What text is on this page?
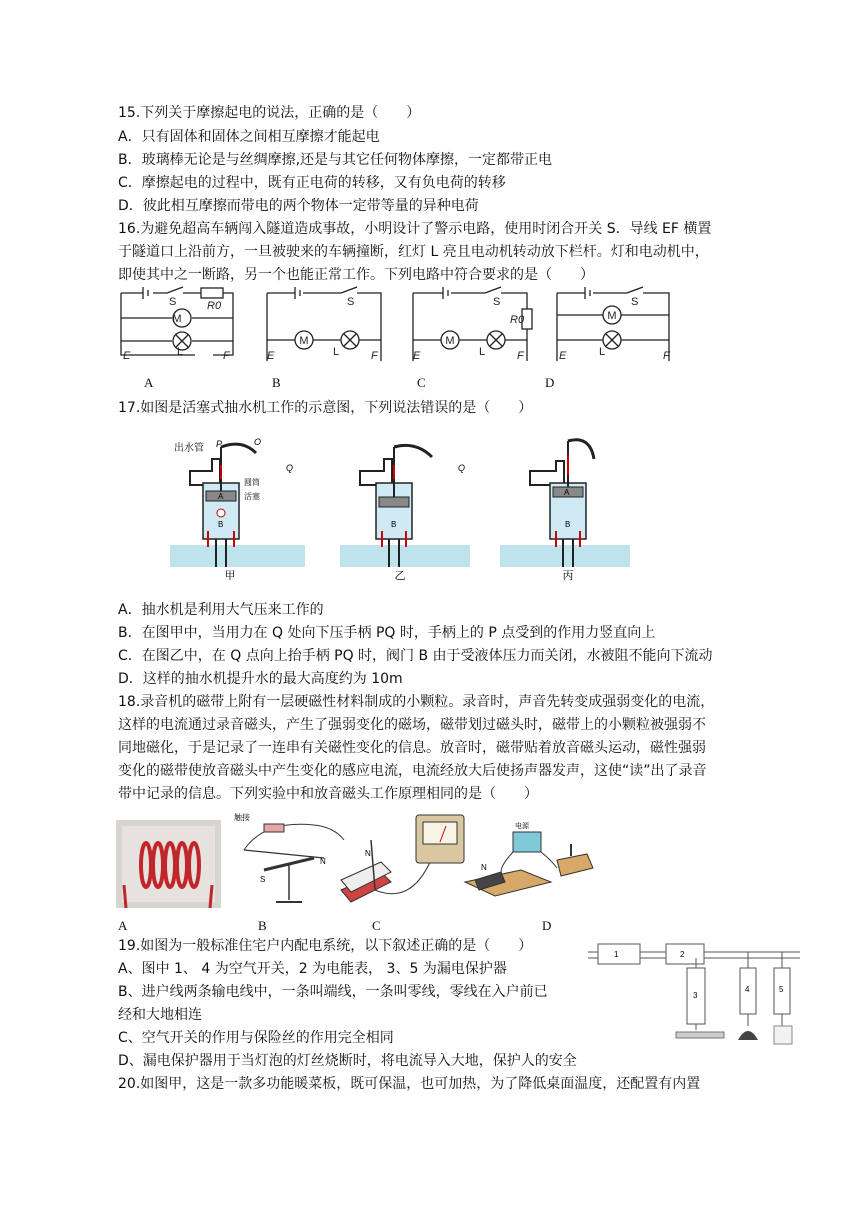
15.下列关于摩擦起电的说法，正确的是（　　）
A．只有固体和固体之间相互摩擦才能起电
B．玻璃棒无论是与丝绸摩擦,还是与其它任何物体摩擦，一定都带正电
C．摩擦起电的过程中，既有正电荷的转移，又有负电荷的转移
D．彼此相互摩擦而带电的两个物体一定带等量的异种电荷
16.为避免超高车辆闯入隧道造成事故，小明设计了警示电路，使用时闭合开关 S．导线 EF 横置
于隧道口上沿前方，一旦被驶来的车辆撞断，红灯 L 亮且电动机转动放下栏杆。灯和电动机中，
即使其中之一断路，另一个也能正常工作。下列电路中符合要求的是（　　）
M
S	R0
E	F
L
M
S
E	F
L
M
S
R0
E	F
L
M
S
E	F
L
A	B	C	D
17.如图是活塞式抽水机工作的示意图，下列说法错误的是（　　）
出水管 P	O
Q
圆筒
活塞
A
B
Q
B
A
B
甲	乙	丙
A．抽水机是利用大气压来工作的
B．在图甲中，当用力在 Q 处向下压手柄 PQ 时，手柄上的 P 点受到的作用力竖直向上
C．在图乙中，在 Q 点向上抬手柄 PQ 时，阀门 B 由于受液体压力而关闭，水被阻不能向下流动
D．这样的抽水机提升水的最大高度约为 10m
18.录音机的磁带上附有一层硬磁性材料制成的小颗粒。录音时，声音先转变成强弱变化的电流，
这样的电流通过录音磁头，产生了强弱变化的磁场，磁带划过磁头时，磁带上的小颗粒被强弱不
同地磁化，于是记录了一连串有关磁性变化的信息。放音时，磁带贴着放音磁头运动，磁性强弱
变化的磁带使放音磁头中产生变化的感应电流，电流经放大后使扬声器发声，这使“读”出了录音
带中记录的信息。下列实验中和放音磁头工作原理相同的是（　　）
触接
N
S
N
电源
N
A	B	C	D
19.如图为一般标准住宅户内配电系统，以下叙述正确的是（　　）
A、图中 1、 4 为空气开关，2 为电能表， 3、5 为漏电保护器
B、进户线两条输电线中，一条叫端线，一条叫零线，零线在入户前已
经和大地相连
C、空气开关的作用与保险丝的作用完全相同
D、漏电保护器用于当灯泡的灯丝烧断时，将电流导入大地，保护人的安全
1	2
3
4	5
20.如图甲，这是一款多功能暖菜板，既可保温，也可加热，为了降低桌面温度，还配置有内置
